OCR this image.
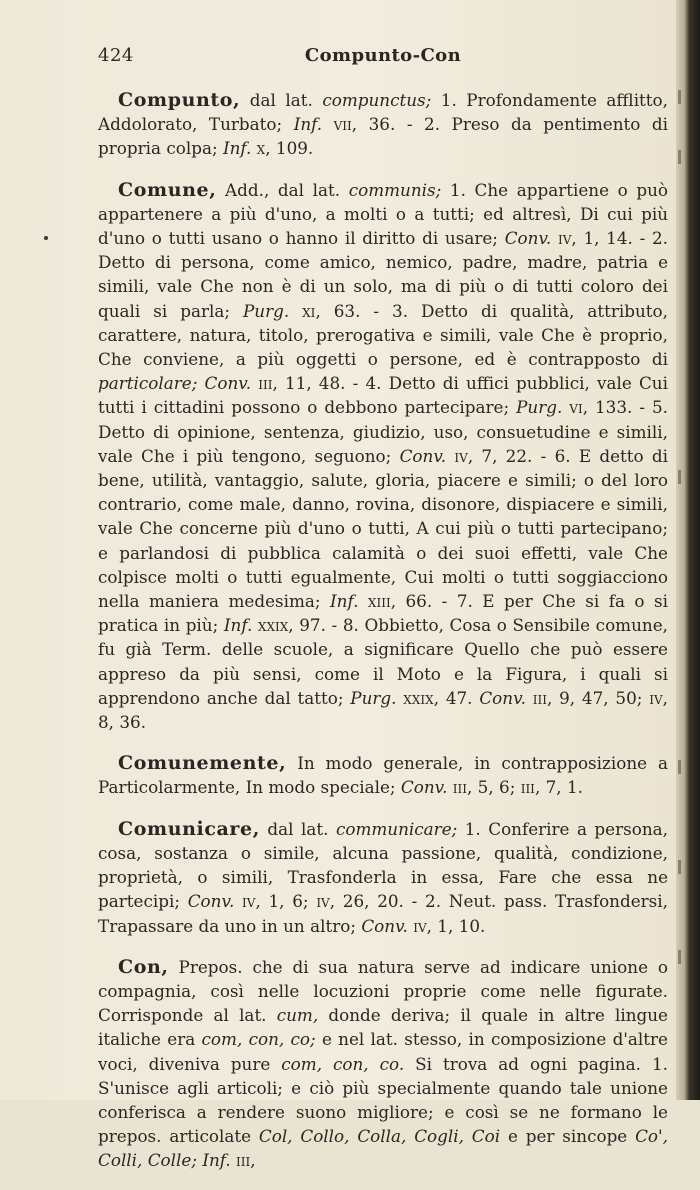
424	Compunto-Con

Compunto, dal lat. compunctus; 1. Profondamente afflitto, Addolorato, Turbato; Inf. vii, 36. - 2. Preso da pentimento di propria colpa; Inf. x, 109.

Comune, Add., dal lat. communis; 1. Che appartiene o può appartenere a più d'uno, a molti o a tutti; ed altresì, Di cui più d'uno o tutti usano o hanno il diritto di usare; Conv. iv, 1, 14. - 2. Detto di persona, come amico, nemico, padre, madre, patria e simili, vale Che non è di un solo, ma di più o di tutti coloro dei quali si parla; Purg. xi, 63. - 3. Detto di qualità, attributo, carattere, natura, titolo, prerogativa e simili, vale Che è proprio, Che conviene, a più oggetti o persone, ed è contrapposto di particolare; Conv. iii, 11, 48. - 4. Detto di uffici pubblici, vale Cui tutti i cittadini possono o debbono partecipare; Purg. vi, 133. - 5. Detto di opinione, sentenza, giudizio, uso, consuetudine e simili, vale Che i più tengono, seguono; Conv. iv, 7, 22. - 6. E detto di bene, utilità, vantaggio, salute, gloria, piacere e simili; o del loro contrario, come male, danno, rovina, disonore, dispiacere e simili, vale Che concerne più d'uno o tutti, A cui più o tutti partecipano; e parlandosi di pubblica calamità o dei suoi effetti, vale Che colpisce molti o tutti egualmente, Cui molti o tutti soggiacciono nella maniera medesima; Inf. xiii, 66. - 7. E per Che si fa o si pratica in più; Inf. xxix, 97. - 8. Obbietto, Cosa o Sensibile comune, fu già Term. delle scuole, a significare Quello che può essere appreso da più sensi, come il Moto e la Figura, i quali si apprendono anche dal tatto; Purg. xxix, 47. Conv. iii, 9, 47, 50; iv, 8, 36.

Comunemente, In modo generale, in contrapposizione a Particolarmente, In modo speciale; Conv. iii, 5, 6; iii, 7, 1.

Comunicare, dal lat. communicare; 1. Conferire a persona, cosa, sostanza o simile, alcuna passione, qualità, condizione, proprietà, o simili, Trasfonderla in essa, Fare che essa ne partecipi; Conv. iv, 1, 6; iv, 26, 20. - 2. Neut. pass. Trasfondersi, Trapassare da uno in un altro; Conv. iv, 1, 10.

Con, Prepos. che di sua natura serve ad indicare unione o compagnia, così nelle locuzioni proprie come nelle figurate. Corrisponde al lat. cum, donde deriva; il quale in altre lingue italiche era com, con, co; e nel lat. stesso, in composizione d'altre voci, diveniva pure com, con, co. Si trova ad ogni pagina. 1. S'unisce agli articoli; e ciò più specialmente quando tale unione conferisca a rendere suono migliore; e così se ne formano le prepos. articolate Col, Collo, Colla, Cogli, Coi e per sincope Co', Colli, Colle; Inf. iii,
